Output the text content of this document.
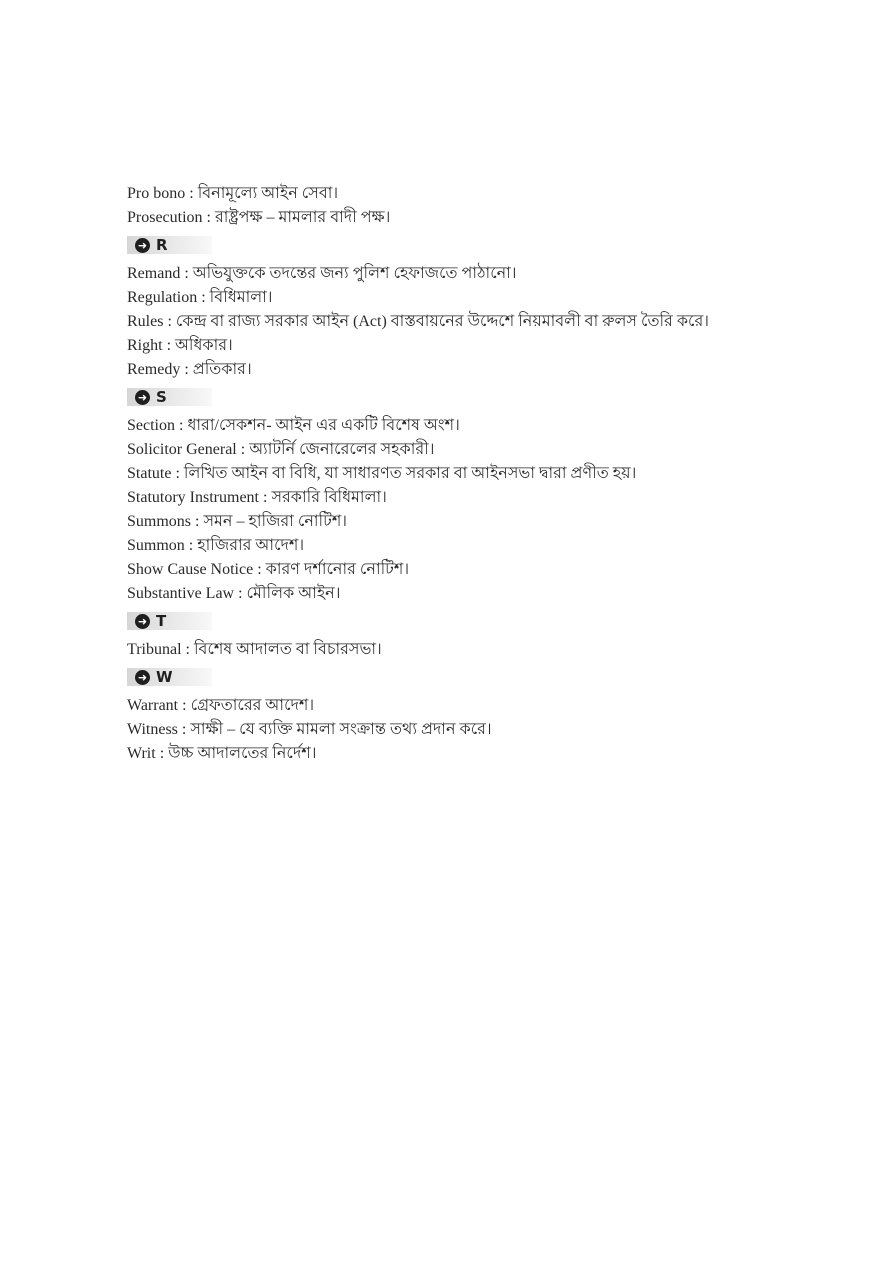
Pro bono : বিনামূল্যে আইন সেবা।
Prosecution : রাষ্ট্রপক্ষ – মামলার বাদী পক্ষ।
➜ R
Remand : অভিযুক্তকে তদন্তের জন্য পুলিশ হেফাজতে পাঠানো।
Regulation : বিধিমালা।
Rules : কেন্দ্র বা রাজ্য সরকার আইন (Act) বাস্তবায়নের উদ্দেশে নিয়মাবলী বা রুলস তৈরি করে।
Right : অধিকার।
Remedy : প্রতিকার।
➜ S
Section : ধারা/সেকশন- আইন এর একটি বিশেষ অংশ।
Solicitor General : অ্যাটর্নি জেনারেলের সহকারী।
Statute : লিখিত আইন বা বিধি, যা সাধারণত সরকার বা আইনসভা দ্বারা প্রণীত হয়।
Statutory Instrument : সরকারি বিধিমালা।
Summons : সমন – হাজিরা নোটিশ।
Summon : হাজিরার আদেশ।
Show Cause Notice : কারণ দর্শানোর নোটিশ।
Substantive Law : মৌলিক আইন।
➜ T
Tribunal : বিশেষ আদালত বা বিচারসভা।
➜ W
Warrant : গ্রেফতারের আদেশ।
Witness : সাক্ষী – যে ব্যক্তি মামলা সংক্রান্ত তথ্য প্রদান করে।
Writ : উচ্চ আদালতের নির্দেশ।
